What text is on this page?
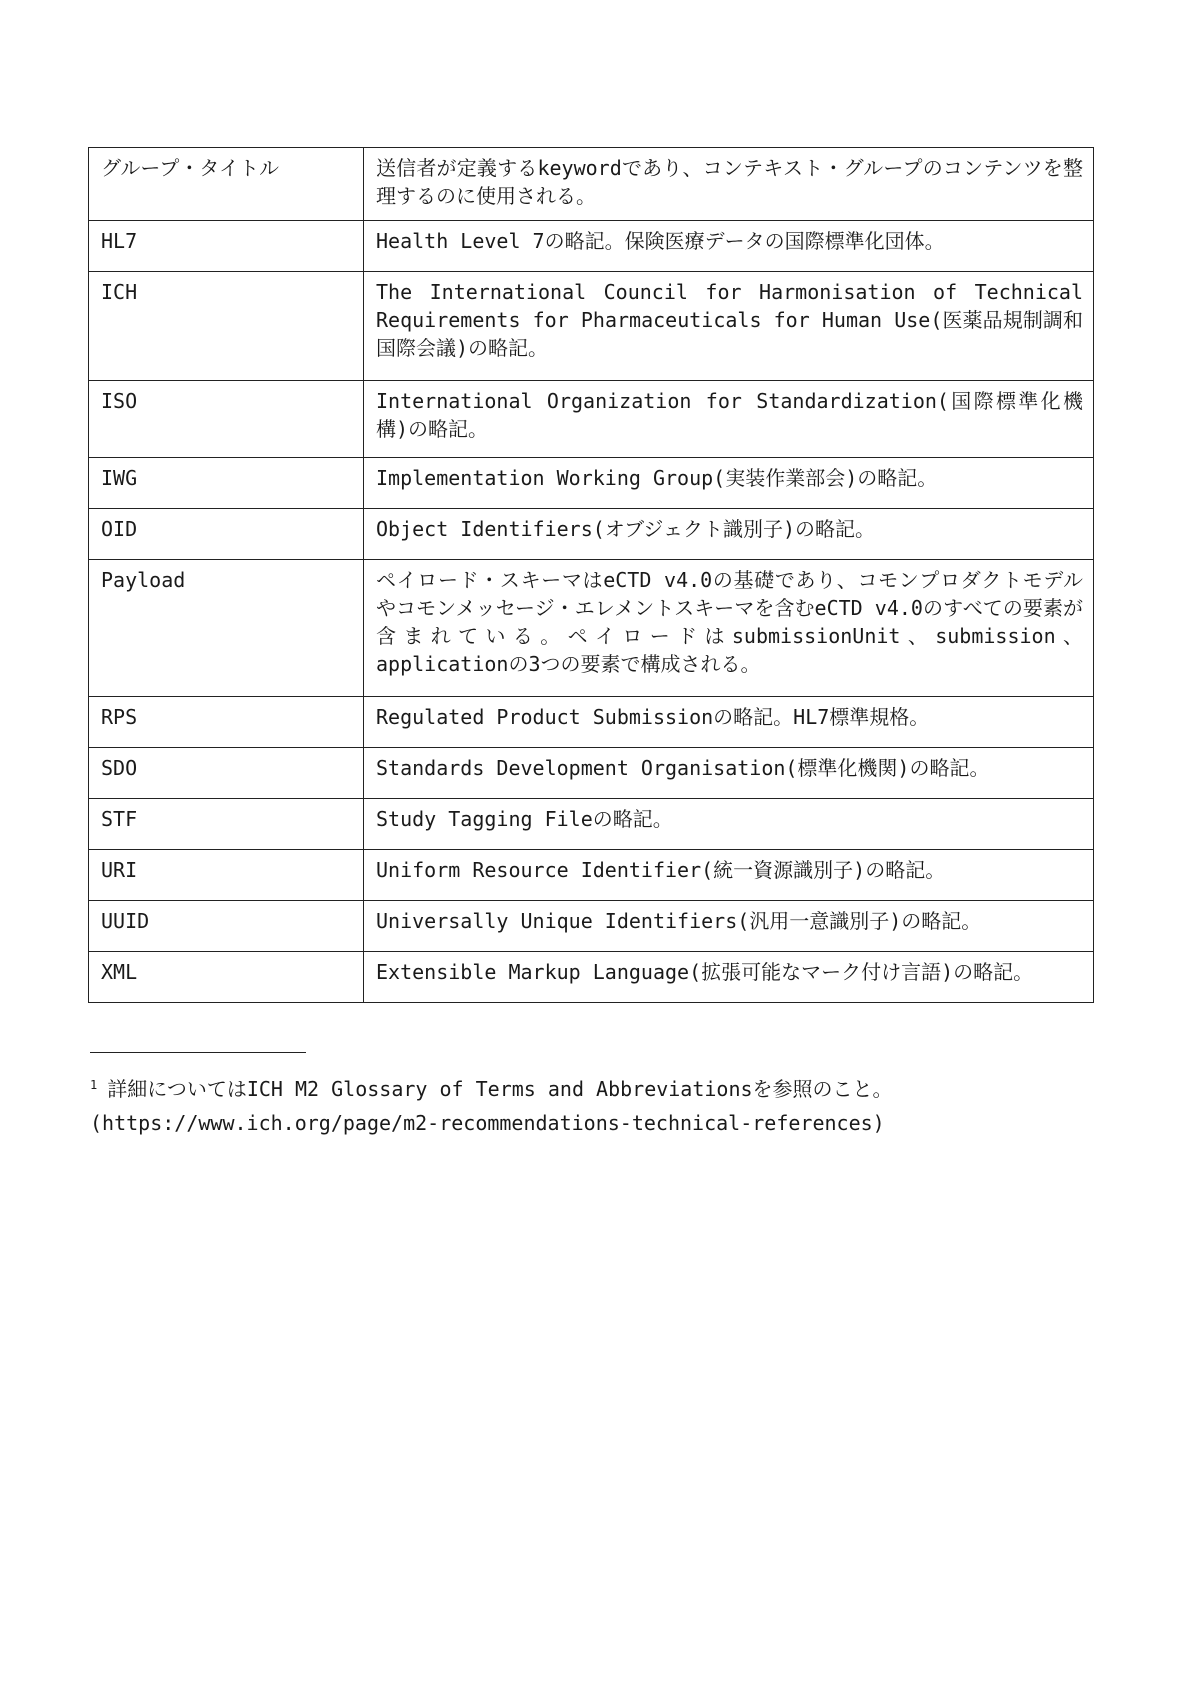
グループ・タイトル	送信者が定義するkeywordであり、コンテキスト・グループのコンテンツを整理するのに使用される。
HL7	Health Level 7の略記。保険医療データの国際標準化団体。
ICH	The International Council for Harmonisation of Technical Requirements for Pharmaceuticals for Human Use(医薬品規制調和国際会議)の略記。
ISO	International Organization for Standardization(国際標準化機構)の略記。
IWG	Implementation Working Group(実装作業部会)の略記。
OID	Object Identifiers(オブジェクト識別子)の略記。
Payload	ペイロード・スキーマはeCTD v4.0の基礎であり、コモンプロダクトモデルやコモンメッセージ・エレメントスキーマを含むeCTD v4.0のすべての要素が含まれている。ペイロードはsubmissionUnit、submission、applicationの3つの要素で構成される。
RPS	Regulated Product Submissionの略記。HL7標準規格。
SDO	Standards Development Organisation(標準化機関)の略記。
STF	Study Tagging Fileの略記。
URI	Uniform Resource Identifier(統一資源識別子)の略記。
UUID	Universally Unique Identifiers(汎用一意識別子)の略記。
XML	Extensible Markup Language(拡張可能なマーク付け言語)の略記。
$^1$ 詳細についてはICH M2 Glossary of Terms and Abbreviationsを参照のこと。
(https://www.ich.org/page/m2-recommendations-technical-references)
